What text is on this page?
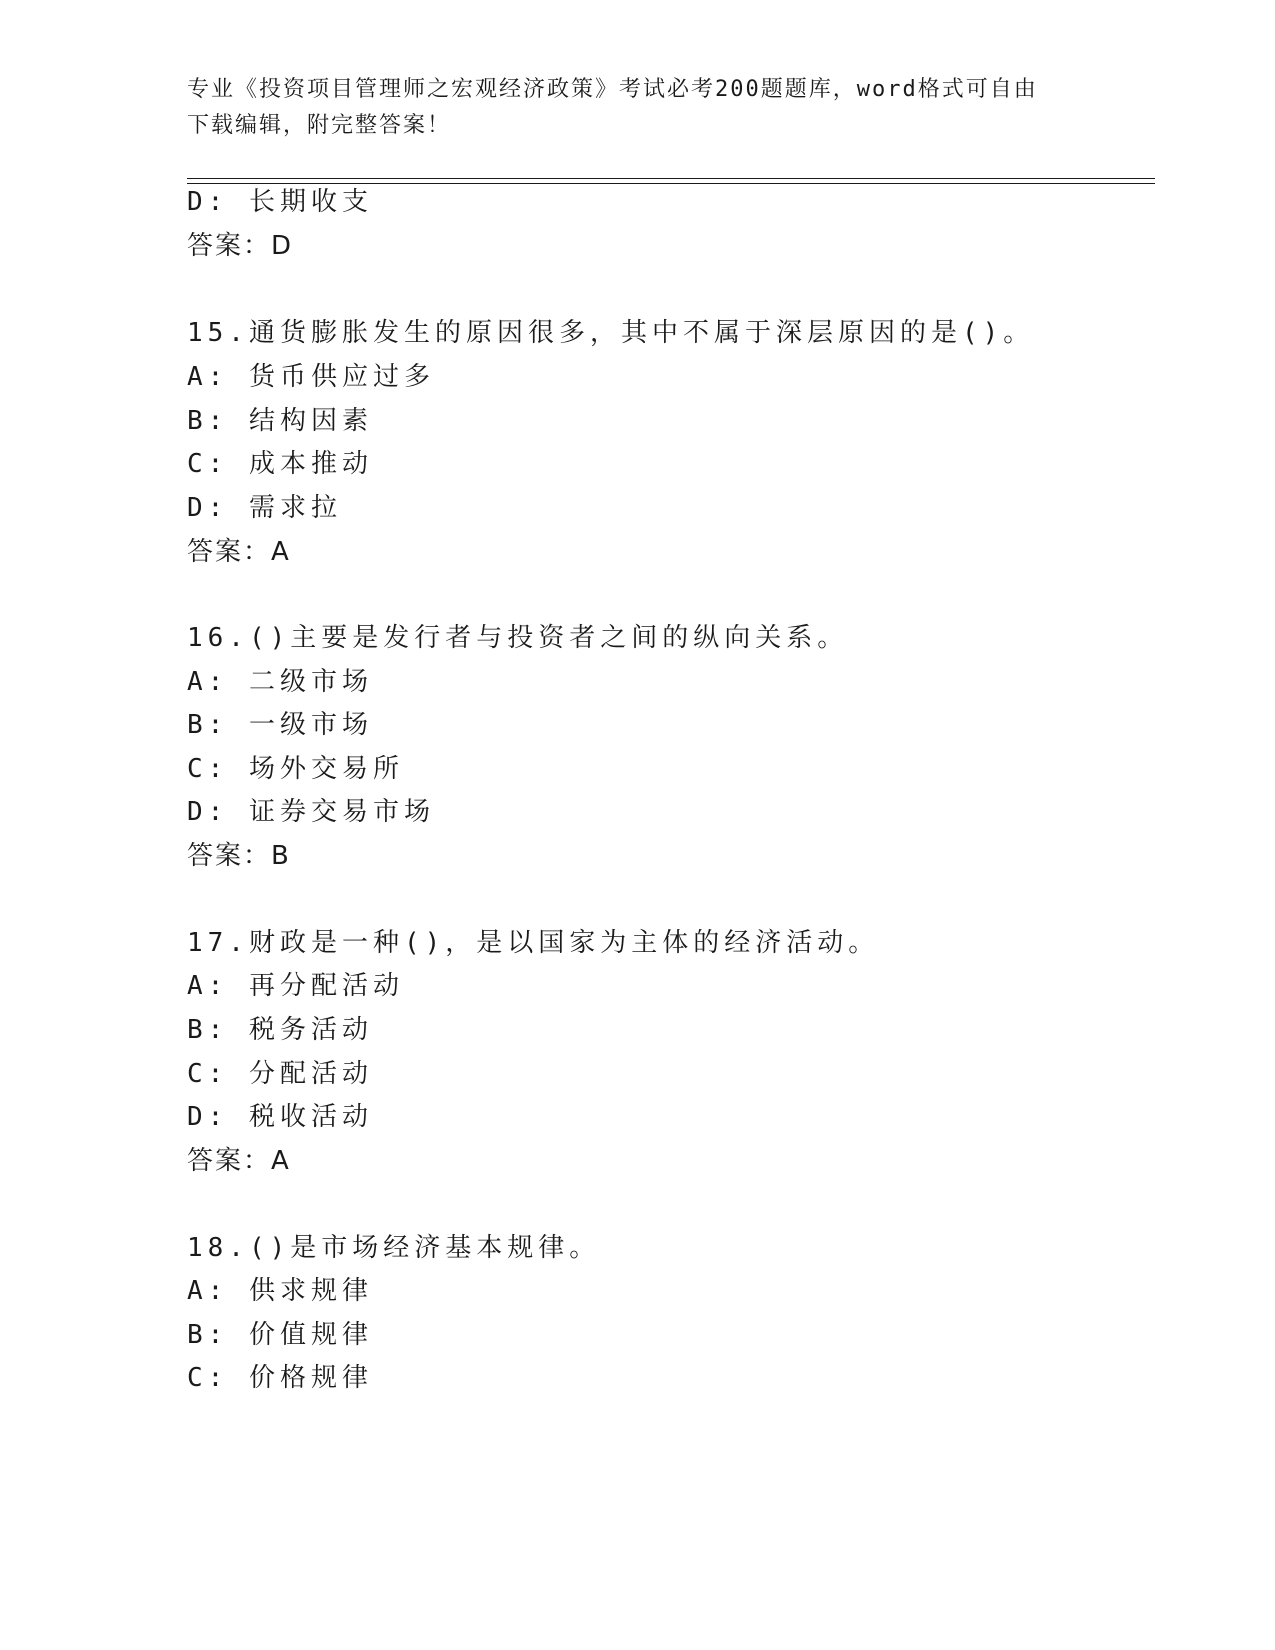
专业《投资项目管理师之宏观经济政策》考试必考200题题库，word格式可自由
下载编辑，附完整答案！
D: 长期收支
答案：D
15.通货膨胀发生的原因很多，其中不属于深层原因的是()。
A: 货币供应过多
B: 结构因素
C: 成本推动
D: 需求拉
答案：A
16.()主要是发行者与投资者之间的纵向关系。
A: 二级市场
B: 一级市场
C: 场外交易所
D: 证券交易市场
答案：B
17.财政是一种()，是以国家为主体的经济活动。
A: 再分配活动
B: 税务活动
C: 分配活动
D: 税收活动
答案：A
18.()是市场经济基本规律。
A: 供求规律
B: 价值规律
C: 价格规律
